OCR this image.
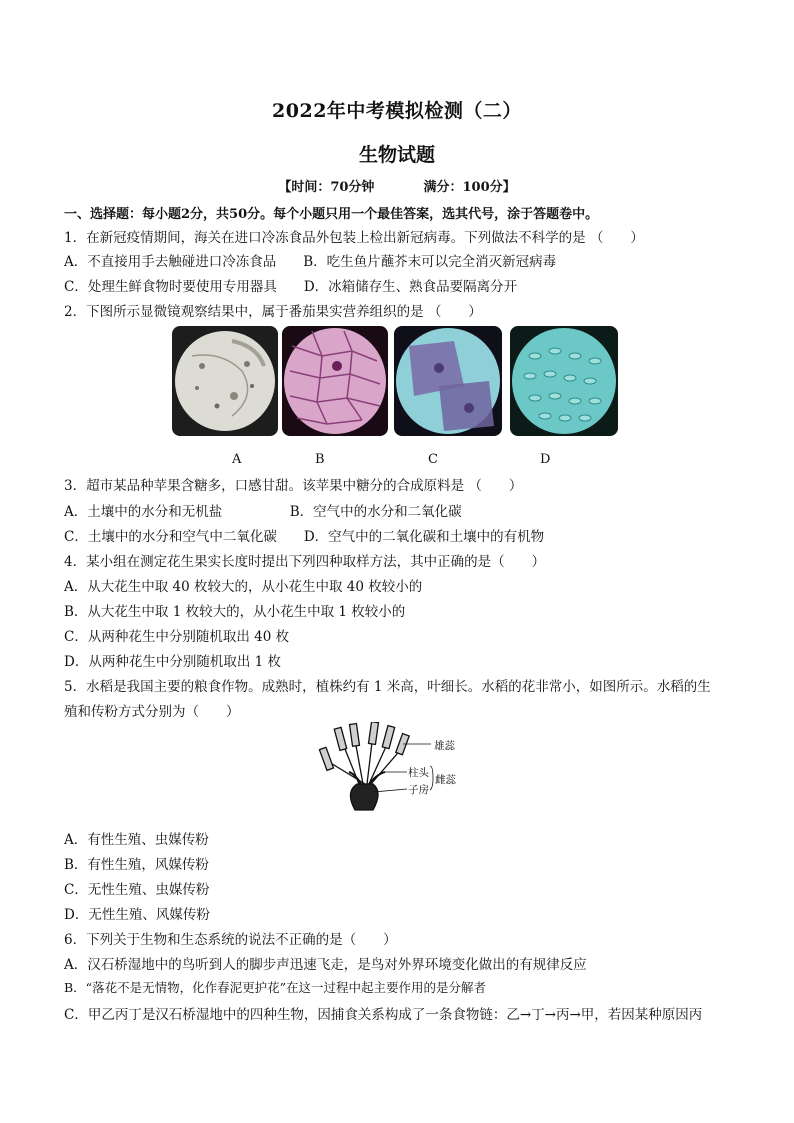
2022年中考模拟检测（二）
生物试题
【时间：70分钟	满分：100分】
一、选择题：每小题2分，共50分。每个小题只用一个最佳答案，选其代号，涂于答题卷中。
1．在新冠疫情期间，海关在进口冷冻食品外包装上检出新冠病毒。下列做法不科学的是 （　　）
A．不直接用手去触碰进口冷冻食品　　B．吃生鱼片蘸芥末可以完全消灭新冠病毒
C．处理生鲜食物时要使用专用器具　　D．冰箱储存生、熟食品要隔离分开
2．下图所示显微镜观察结果中，属于番茄果实营养组织的是 （　　）
A	B	C	D
3．超市某品种苹果含糖多，口感甘甜。该苹果中糖分的合成原料是 （　　）
A．土壤中的水分和无机盐　　　　　B．空气中的水分和二氧化碳
C．土壤中的水分和空气中二氧化碳　　D．空气中的二氧化碳和土壤中的有机物
4．某小组在测定花生果实长度时提出下列四种取样方法，其中正确的是（　　）
A．从大花生中取 40 枚较大的，从小花生中取 40 枚较小的
B．从大花生中取 1 枚较大的，从小花生中取 1 枚较小的
C．从两种花生中分别随机取出 40 枚
D．从两种花生中分别随机取出 1 枚
5．水稻是我国主要的粮食作物。成熟时，植株约有 1 米高，叶细长。水稻的花非常小，如图所示。水稻的生
殖和传粉方式分别为（　　）
雄蕊
柱头
雌蕊
子房
A．有性生殖、虫媒传粉
B．有性生殖，风媒传粉
C．无性生殖、虫媒传粉
D．无性生殖、风媒传粉
6．下列关于生物和生态系统的说法不正确的是（　　）
A．汉石桥湿地中的鸟听到人的脚步声迅速飞走，是鸟对外界环境变化做出的有规律反应
B．“落花不是无情物，化作春泥更护花”在这一过程中起主要作用的是分解者
C．甲乙丙丁是汉石桥湿地中的四种生物，因捕食关系构成了一条食物链：乙→丁→丙→甲，若因某种原因丙
